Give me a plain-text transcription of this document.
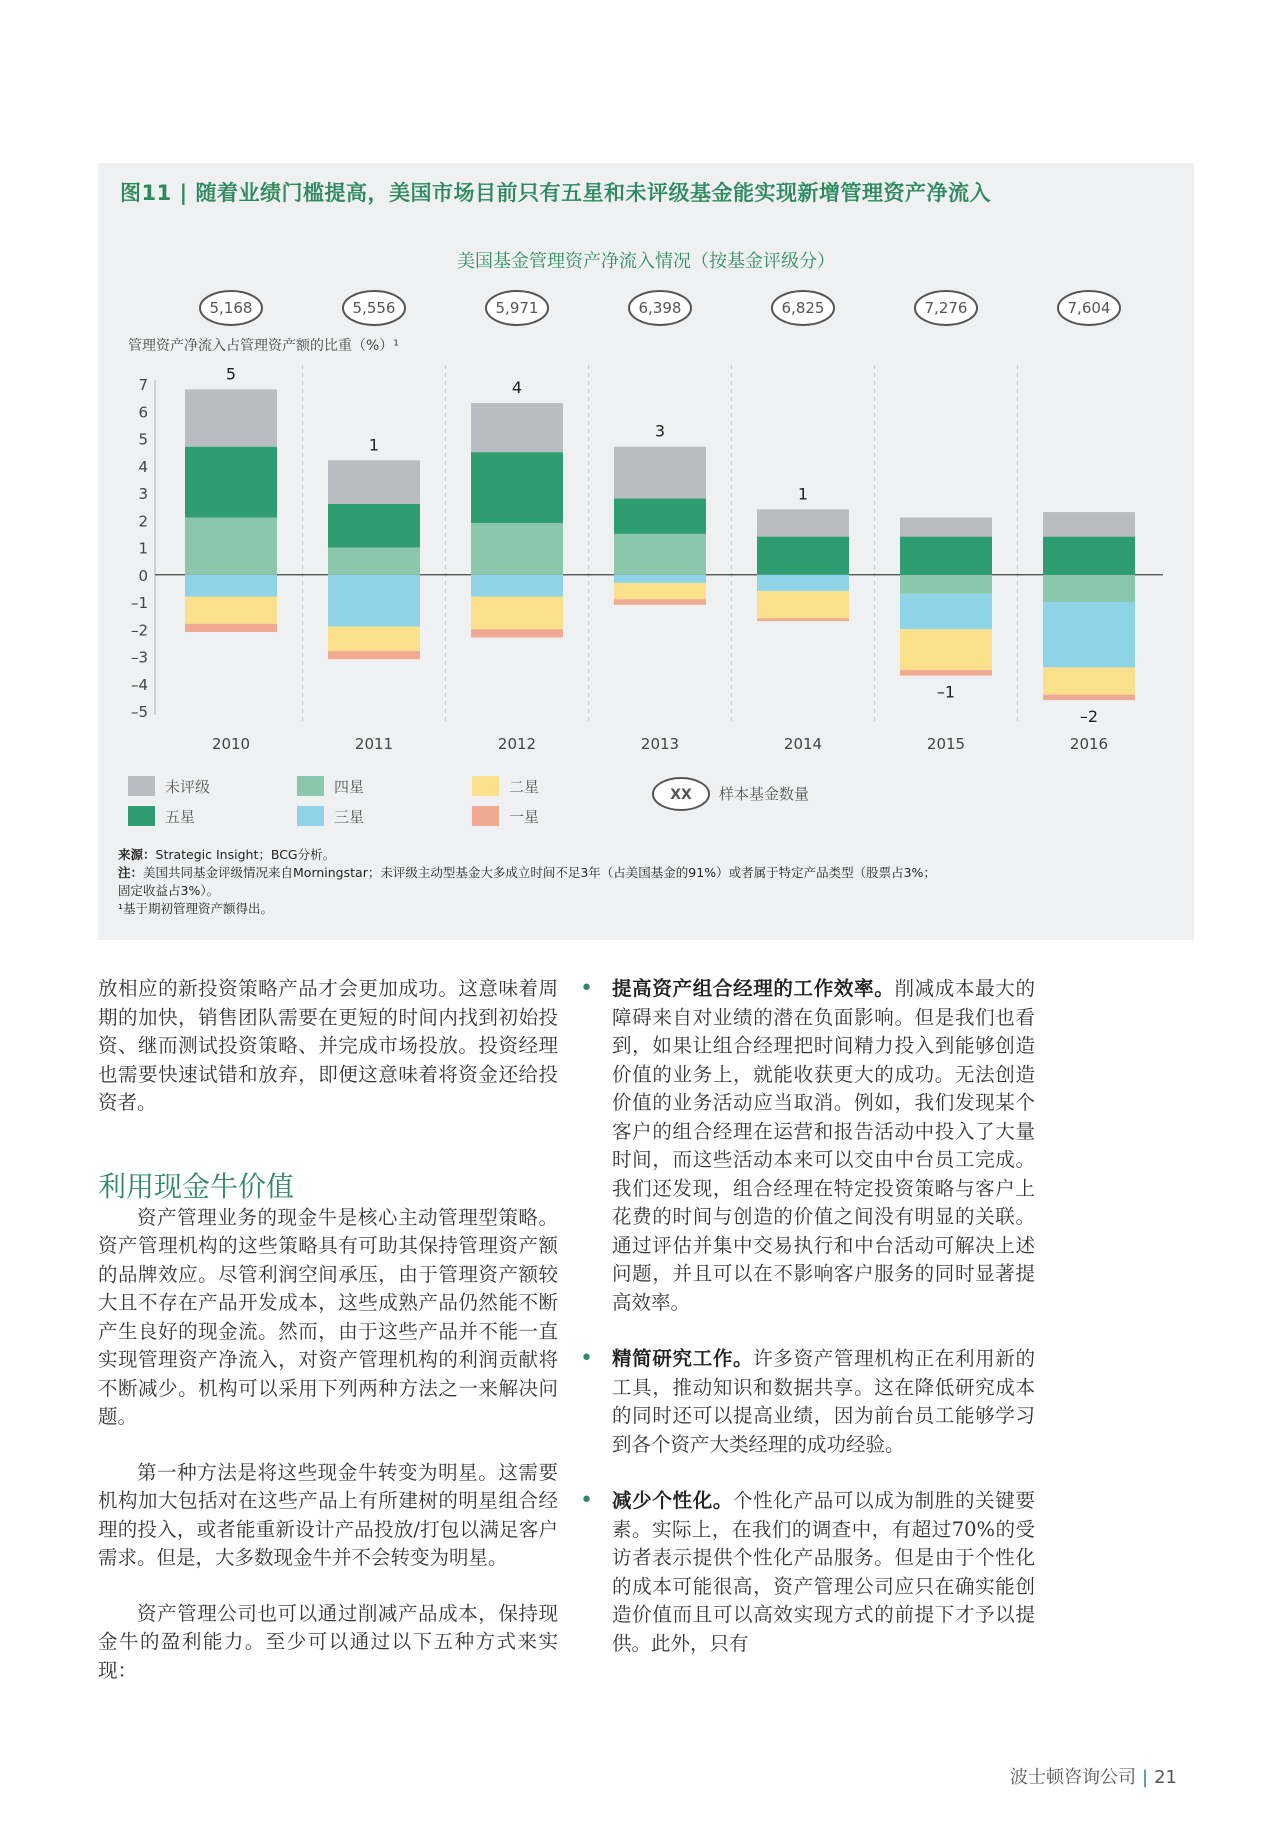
图11 | 随着业绩门槛提高，美国市场目前只有五星和未评级基金能实现新增管理资产净流入
美国基金管理资产净流入情况（按基金评级分）
管理资产净流入占管理资产额的比重（%）¹
7
6
5
4
3
2
1
0
–1
–2
–3
–4
–5
5
1
4
3
1
–1
–2
2010	2011	2012	2013	2014	2015	2016
5,168	5,556	5,971	6,398	6,825	7,276	7,604
未评级	四星	二星
五星	三星	一星
XX 样本基金数量
来源：Strategic Insight；BCG分析。
注：美国共同基金评级情况来自Morningstar；未评级主动型基金大多成立时间不足3年（占美国基金的91%）或者属于特定产品类型（股票占3%；
固定收益占3%）。
¹基于期初管理资产额得出。

放相应的新投资策略产品才会更加成功。这意味着周期的加快，销售团队需要在更短的时间内找到初始投资、继而测试投资策略、并完成市场投放。投资经理也需要快速试错和放弃，即便这意味着将资金还给投资者。

利用现金牛价值

资产管理业务的现金牛是核心主动管理型策略。资产管理机构的这些策略具有可助其保持管理资产额的品牌效应。尽管利润空间承压，由于管理资产额较大且不存在产品开发成本，这些成熟产品仍然能不断产生良好的现金流。然而，由于这些产品并不能一直实现管理资产净流入，对资产管理机构的利润贡献将不断减少。机构可以采用下列两种方法之一来解决问题。

第一种方法是将这些现金牛转变为明星。这需要机构加大包括对在这些产品上有所建树的明星组合经理的投入，或者能重新设计产品投放/打包以满足客户需求。但是，大多数现金牛并不会转变为明星。

资产管理公司也可以通过削减产品成本，保持现金牛的盈利能力。至少可以通过以下五种方式来实现：

• 提高资产组合经理的工作效率。削减成本最大的障碍来自对业绩的潜在负面影响。但是我们也看到，如果让组合经理把时间精力投入到能够创造价值的业务上，就能收获更大的成功。无法创造价值的业务活动应当取消。例如，我们发现某个客户的组合经理在运营和报告活动中投入了大量时间，而这些活动本来可以交由中台员工完成。我们还发现，组合经理在特定投资策略与客户上花费的时间与创造的价值之间没有明显的关联。通过评估并集中交易执行和中台活动可解决上述问题，并且可以在不影响客户服务的同时显著提高效率。
• 精简研究工作。许多资产管理机构正在利用新的工具，推动知识和数据共享。这在降低研究成本的同时还可以提高业绩，因为前台员工能够学习到各个资产大类经理的成功经验。
• 减少个性化。个性化产品可以成为制胜的关键要素。实际上，在我们的调查中，有超过70%的受访者表示提供个性化产品服务。但是由于个性化的成本可能很高，资产管理公司应只在确实能创造价值而且可以高效实现方式的前提下才予以提供。此外，只有
波士顿咨询公司 | 21
